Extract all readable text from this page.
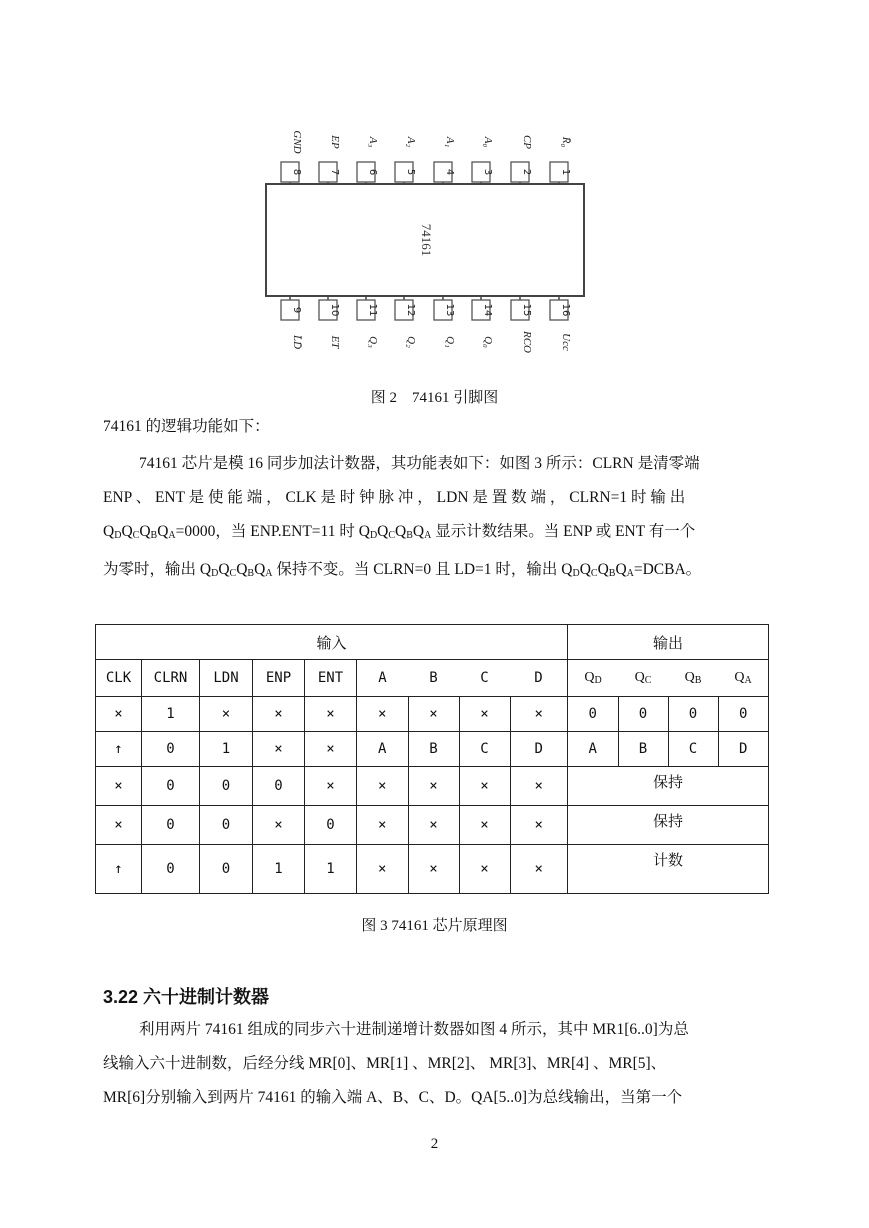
74161
8
GND
7
EP
6
A₃
5
A₂
4
A₁
3
A₀
2
CP
1
R̄₀
9
L̄D̄
10
ET
11
Q₃
12
Q₂
13
Q₁
14
Q₀
15
RCO
16
Ucc
图 2　74161 引脚图

74161 的逻辑功能如下：

74161 芯片是模 16 同步加法计数器，其功能表如下：如图 3 所示：CLRN 是清零端

ENP 、 ENT 是 使 能 端 ， CLK 是 时 钟 脉 冲 ， LDN 是 置 数 端 ， CLRN=1 时 输 出

$Q_DQ_CQ_BQ_A=0000$，当 ENP.ENT=11 时 $Q_DQ_CQ_BQ_A$ 显示计数结果。当 ENP 或 ENT 有一个

为零时，输出 $Q_DQ_CQ_BQ_A$ 保持不变。当 CLRN=0 且 LD=1 时，输出 $Q_DQ_CQ_BQ_A=DCBA$。

输入									输出			
CLK	CLRN	LDN	ENP	ENT	A	B	C	D	$Q_D$	$Q_C$	$Q_B$	$Q_A$
×	1	×	×	×	×	×	×	×	0	0	0	0
↑	0	1	×	×	A	B	C	D	A	B	C	D
×	0	0	0	×	×	×	×	×	保持			
×	0	0	×	0	×	×	×	×	保持			
↑	0	0	1	1	×	×	×	×	计数			
图 3 74161 芯片原理图
3.22 六十进制计数器

利用两片 74161 组成的同步六十进制递增计数器如图 4 所示，其中 MR1[6..0]为总

线输入六十进制数，后经分线 MR[0]、MR[1] 、MR[2]、 MR[3]、MR[4] 、MR[5]、

MR[6]分别输入到两片 74161 的输入端 A、B、C、D。QA[5..0]为总线输出，当第一个

2
